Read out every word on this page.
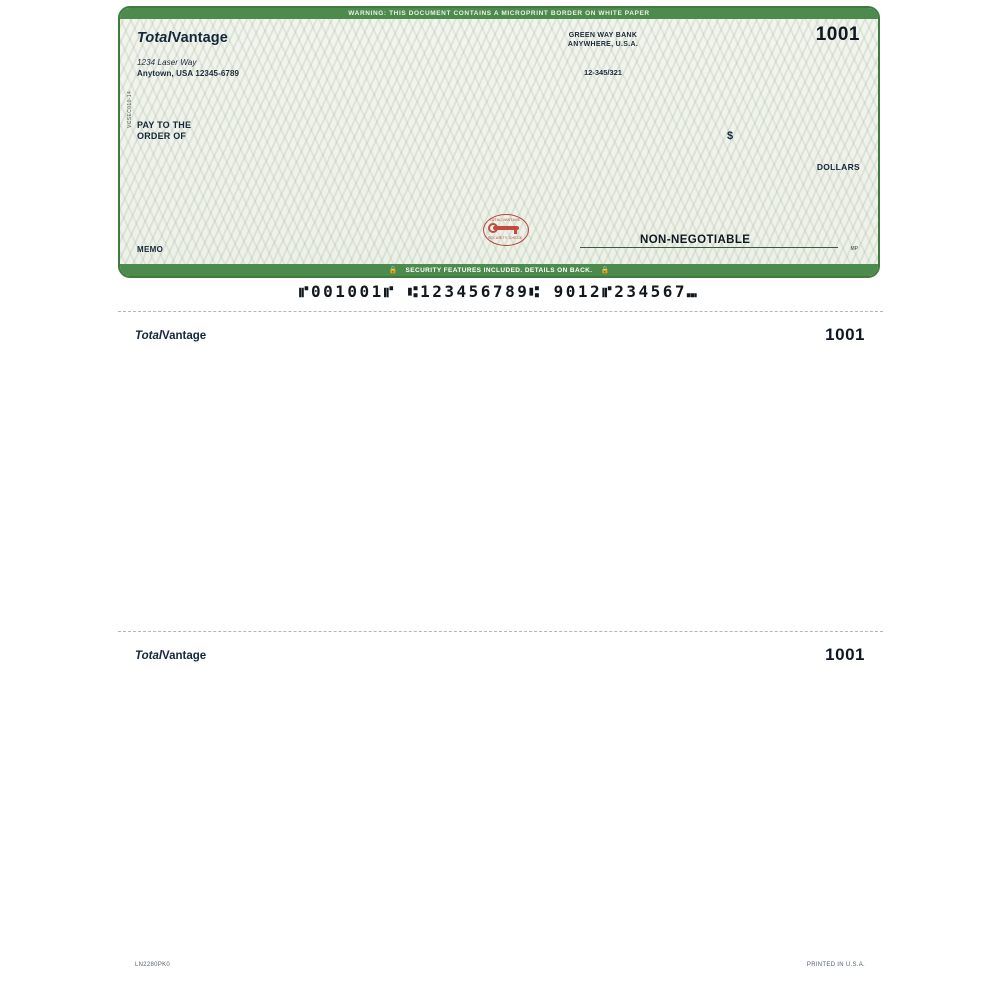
WARNING: THIS DOCUMENT CONTAINS A MICROPRINT BORDER ON WHITE PAPER
TotalVantage
1234 Laser Way
Anytown, USA 12345-6789
VCSEC010-14
GREEN WAY BANK
ANYWHERE, U.S.A.
12-345/321
1001
PAY TO THE
ORDER OF	$
DOLLARS
MEMO
TOTAL VANTAGE
SECURITY CHECK	NON-NEGOTIABLE
MP
🔒 SECURITY FEATURES INCLUDED. DETAILS ON BACK. 🔒
⑈001001⑈ ⑆123456789⑆ 9012⑈234567⑉
TotalVantage	1001
TotalVantage	1001
LN2280PK0	PRINTED IN U.S.A.
